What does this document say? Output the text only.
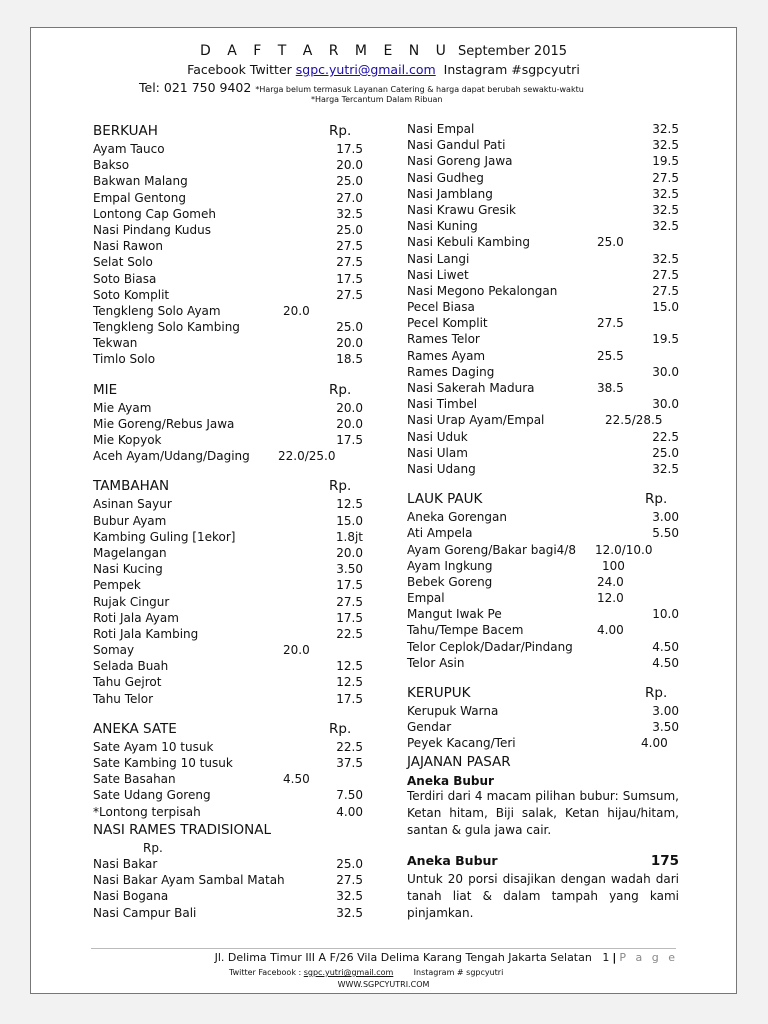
D A F T A R M E N U September 2015
Facebook Twitter sgpc.yutri@gmail.com Instagram #sgpcyutri
Tel: 021 750 9402 *Harga belum termasuk Layanan Catering & harga dapat berubah sewaktu-waktu
*Harga Tercantum Dalam Ribuan
BERKUAH	Rp.
Ayam Tauco	17.5
Bakso	20.0
Bakwan Malang	25.0
Empal Gentong	27.0
Lontong Cap Gomeh	32.5
Nasi Pindang Kudus	25.0
Nasi Rawon	27.5
Selat Solo	27.5
Soto Biasa	17.5
Soto Komplit	27.5
Tengkleng Solo Ayam	20.0
Tengkleng Solo Kambing	25.0
Tekwan	20.0
Timlo Solo	18.5
MIE	Rp.
Mie Ayam	20.0
Mie Goreng/Rebus Jawa	20.0
Mie Kopyok	17.5
Aceh Ayam/Udang/Daging 22.0/25.0
TAMBAHAN	Rp.
Asinan Sayur	12.5
Bubur Ayam	15.0
Kambing Guling [1ekor]	1.8jt
Magelangan	20.0
Nasi Kucing	3.50
Pempek	17.5
Rujak Cingur	27.5
Roti Jala Ayam	17.5
Roti Jala Kambing	22.5
Somay	20.0
Selada Buah	12.5
Tahu Gejrot	12.5
Tahu Telor	17.5
ANEKA SATE	Rp.
Sate Ayam 10 tusuk	22.5
Sate Kambing 10 tusuk	37.5
Sate Basahan	4.50
Sate Udang Goreng	7.50
*Lontong terpisah	4.00
NASI RAMES TRADISIONAL
Rp.
Nasi Bakar	25.0
Nasi Bakar Ayam Sambal Matah	27.5
Nasi Bogana	32.5
Nasi Campur Bali	32.5
Nasi Empal	32.5
Nasi Gandul Pati	32.5
Nasi Goreng Jawa	19.5
Nasi Gudheg	27.5
Nasi Jamblang	32.5
Nasi Krawu Gresik	32.5
Nasi Kuning	32.5
Nasi Kebuli Kambing	25.0
Nasi Langi	32.5
Nasi Liwet	27.5
Nasi Megono Pekalongan	27.5
Pecel Biasa	15.0
Pecel Komplit	27.5
Rames Telor	19.5
Rames Ayam	25.5
Rames Daging	30.0
Nasi Sakerah Madura	38.5
Nasi Timbel	30.0
Nasi Urap Ayam/Empal	22.5/28.5
Nasi Uduk	22.5
Nasi Ulam	25.0
Nasi Udang	32.5
LAUK PAUK	Rp.
Aneka Gorengan	3.00
Ati Ampela	5.50
Ayam Goreng/Bakar bagi4/8 12.0/10.0
Ayam Ingkung	100
Bebek Goreng	24.0
Empal	12.0
Mangut Iwak Pe	10.0
Tahu/Tempe Bacem	4.00
Telor Ceplok/Dadar/Pindang	4.50
Telor Asin	4.50
KERUPUK	Rp.
Kerupuk Warna	3.00
Gendar	3.50
Peyek Kacang/Teri	4.00
JAJANAN PASAR
Aneka Bubur
Terdiri dari 4 macam pilihan bubur: Sumsum, Ketan hitam, Biji salak, Ketan hijau/hitam, santan & gula jawa cair.
Aneka Bubur	175
Untuk 20 porsi disajikan dengan wadah dari tanah liat & dalam tampah yang kami pinjamkan.
Jl. Delima Timur III A F/26 Vila Delima Karang Tengah Jakarta Selatan 1 | P a g e
Twitter Facebook : sgpc.yutri@gmail.com	Instagram # sgpcyutri
WWW.SGPCYUTRI.COM
